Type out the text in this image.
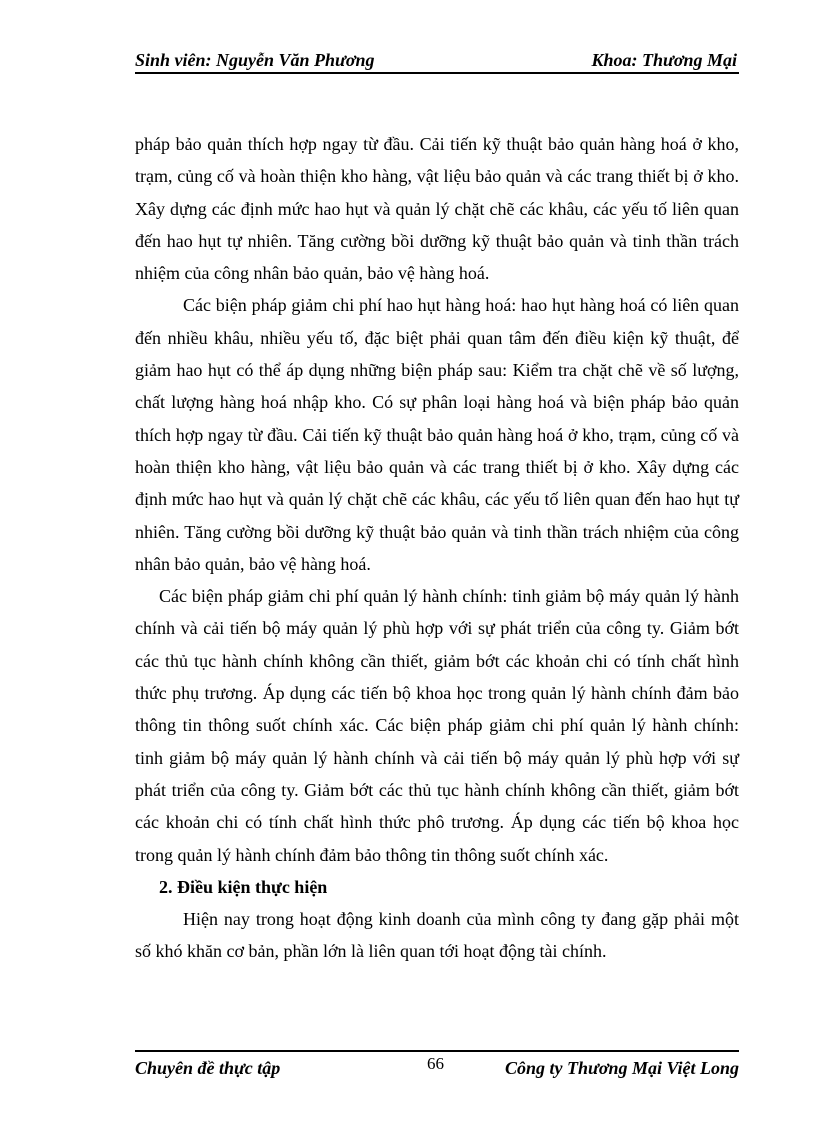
Sinh viên: Nguyễn Văn Phương	Khoa: Thương Mại

pháp bảo quản thích hợp ngay từ đầu. Cải tiến kỹ thuật bảo quản hàng hoá ở kho, trạm, củng cố và hoàn thiện kho hàng, vật liệu bảo quản và các trang thiết bị ở kho. Xây dựng các định mức hao hụt và quản lý chặt chẽ các khâu, các yếu tố liên quan đến hao hụt tự nhiên. Tăng cường bồi dưỡng kỹ thuật bảo quản và tinh thần trách nhiệm của công nhân bảo quản, bảo vệ hàng hoá.

Các biện pháp giảm chi phí hao hụt hàng hoá: hao hụt hàng hoá có liên quan đến nhiều khâu, nhiều yếu tố, đặc biệt phải quan tâm đến điều kiện kỹ thuật, để giảm hao hụt có thể áp dụng những biện pháp sau: Kiểm tra chặt chẽ về số lượng, chất lượng hàng hoá nhập kho. Có sự phân loại hàng hoá và biện pháp bảo quản thích hợp ngay từ đầu. Cải tiến kỹ thuật bảo quản hàng hoá ở kho, trạm, củng cố và hoàn thiện kho hàng, vật liệu bảo quản và các trang thiết bị ở kho. Xây dựng các định mức hao hụt và quản lý chặt chẽ các khâu, các yếu tố liên quan đến hao hụt tự nhiên. Tăng cường bồi dưỡng kỹ thuật bảo quản và tinh thần trách nhiệm của công nhân bảo quản, bảo vệ hàng hoá.

Các biện pháp giảm chi phí quản lý hành chính: tinh giảm bộ máy quản lý hành chính và cải tiến bộ máy quản lý phù hợp với sự phát triển của công ty. Giảm bớt các thủ tục hành chính không cần thiết, giảm bớt các khoản chi có tính chất hình thức phụ trương. Áp dụng các tiến bộ khoa học trong quản lý hành chính đảm bảo thông tin thông suốt chính xác. Các biện pháp giảm chi phí quản lý hành chính: tinh giảm bộ máy quản lý hành chính và cải tiến bộ máy quản lý phù hợp với sự phát triển của công ty. Giảm bớt các thủ tục hành chính không cần thiết, giảm bớt các khoản chi có tính chất hình thức phô trương. Áp dụng các tiến bộ khoa học trong quản lý hành chính đảm bảo thông tin thông suốt chính xác.

2. Điều kiện thực hiện

Hiện nay trong hoạt động kinh doanh của mình công ty đang gặp phải một số khó khăn cơ bản, phần lớn là liên quan tới hoạt động tài chính.

Chuyên đề thực tập	66	Công ty Thương Mại Việt Long
